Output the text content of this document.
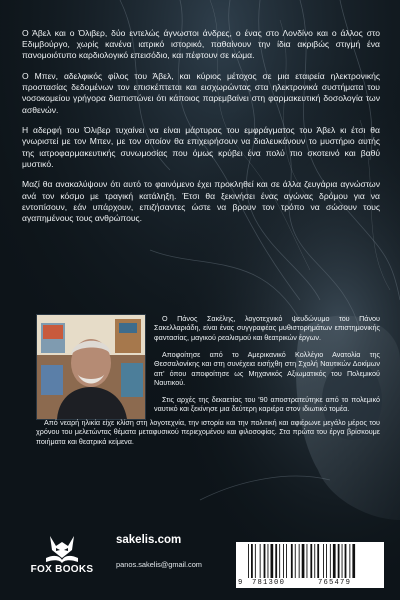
Ο Άβελ και ο Όλιβερ, δύο εντελώς άγνωστοι άνδρες, ο ένας στο Λονδίνο και ο άλλος στο Εδιμβούργο, χωρίς κανένα ιατρικό ιστορικό, παθαίνουν την ίδια ακριβώς στιγμή ένα πανομοιότυπο καρδιολογικό επεισόδιο, και πέφτουν σε κώμα.

Ο Μπεν, αδελφικός φίλος του Άβελ, και κύριος μέτοχος σε μια εταιρεία ηλεκτρονικής προστασίας δεδομένων τον επισκέπτεται και εισχωρώντας στα ηλεκτρονικά συστήματα του νοσοκομείου γρήγορα διαπιστώνει ότι κάποιος παρεμβαίνει στη φαρμακευτική δοσολογία των ασθενών.

Η αδερφή του Όλιβερ τυχαίνει να είναι μάρτυρας του εμφράγματος του Άβελ κι έτσι θα γνωριστεί με τον Μπεν, με τον οποίον θα επιχειρήσουν να διαλευκάνουν το μυστήριο αυτής της ιατροφαρμακευτικής συνωμοσίας που όμως κρύβει ένα πολύ πιο σκοτεινό και βαθύ μυστικό.

Μαζί θα ανακαλύψουν ότι αυτό το φαινόμενο έχει προκληθεί και σε άλλα ζευγάρια αγνώστων ανά τον κόσμο με τραγική κατάληξη. Έτσι θα ξεκινήσει ένας αγώνας δρόμου για να εντοπίσουν, εάν υπάρχουν, επιζήσαντες ώστε να βρουν τον τρόπο να σώσουν τους αγαπημένους τους ανθρώπους.

Ο Πάνος Σακέλης, λογοτεχνικό ψευδώνυμο του Πάνου Σακελλαριάδη, είναι ένας συγγραφέας μυθιστορημάτων επιστημονικής φαντασίας, μαγικού ρεαλισμού και θεατρικών έργων.

Αποφοίτησε από το Αμερικανικό Κολλέγιο Ανατολία της Θεσσαλονίκης και στη συνέχεια εισήχθη στη Σχολή Ναυτικών Δοκίμων απ' όπου αποφοίτησε ως Μηχανικός Αξιωματικός του Πολεμικού Ναυτικού.

Στις αρχές της δεκαετίας του '90 αποστρατεύτηκε από το πολεμικό ναυτικό και ξεκίνησε μια δεύτερη καριέρα στον ιδιωτικό τομέα.

Από νεαρή ηλικία είχε κλίση στη λογοτεχνία, την ιστορία και την πολιτική και αφιέρωνε μεγάλο μέρος του χρόνου του μελετώντας θέματα μεταφυσικού περιεχομένου και φιλοσοφίας. Στα πρώτα του έργα βρίσκουμε ποιήματα και θεατρικά κείμενα.

FOX BOOKS
sakelis.com
panos.sakelis@gmail.com
9 781300	765479
